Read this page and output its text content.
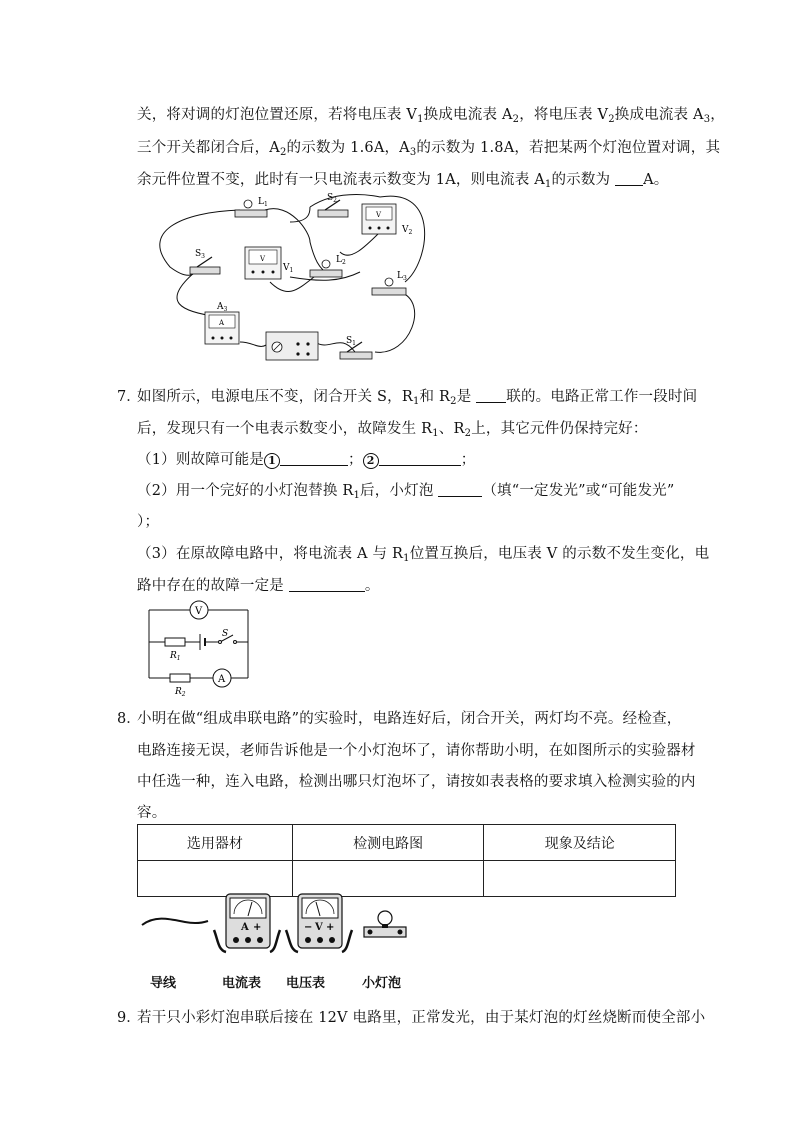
关，将对调的灯泡位置还原，若将电压表 $V_1$换成电流表 $A_2$，将电压表 $V_2$换成电流表 $A_3$，
三个开关都闭合后，$A_2$的示数为 1.6A，$A_3$的示数为 1.8A，若把某两个灯泡位置对调，其
余元件位置不变，此时有一只电流表示数变为 1A，则电流表 $A_1$的示数为 A。
$L_1$
$S_2$
V
$V_2$
$S_3$	V
$V_1$
$L_2$
$L_3$
A
$A_3$
$S_1$
7．
如图所示，电源电压不变，闭合开关 S，$R_1$和 $R_2$是 联的。电路正常工作一段时间
后，发现只有一个电表示数变小，故障发生 $R_1$、$R_2$上，其它元件仍保持完好：
（1）则故障可能是 1	； 2	；
（2）用一个完好的小灯泡替换 $R_1$后，小灯泡	（填“一定发光”或“可能发光”
）；
（3）在原故障电路中，将电流表 A 与 $R_1$位置互换后，电压表 V 的示数不发生变化，电
路中存在的故障一定是	。
V
A
S
$R_1$
$R_2$
8．
小明在做“组成串联电路”的实验时，电路连好后，闭合开关，两灯均不亮。经检查，
电路连接无误，老师告诉他是一个小灯泡坏了，请你帮助小明，在如图所示的实验器材
中任选一种，连入电路，检测出哪只灯泡坏了，请按如表表格的要求填入检测实验的内
容。
选用器材	检测电路图	现象及结论

A +	− V +
导线	电流表 电压表	小灯泡
9．
若干只小彩灯泡串联后接在 12V 电路里，正常发光，由于某灯泡的灯丝烧断而使全部小
